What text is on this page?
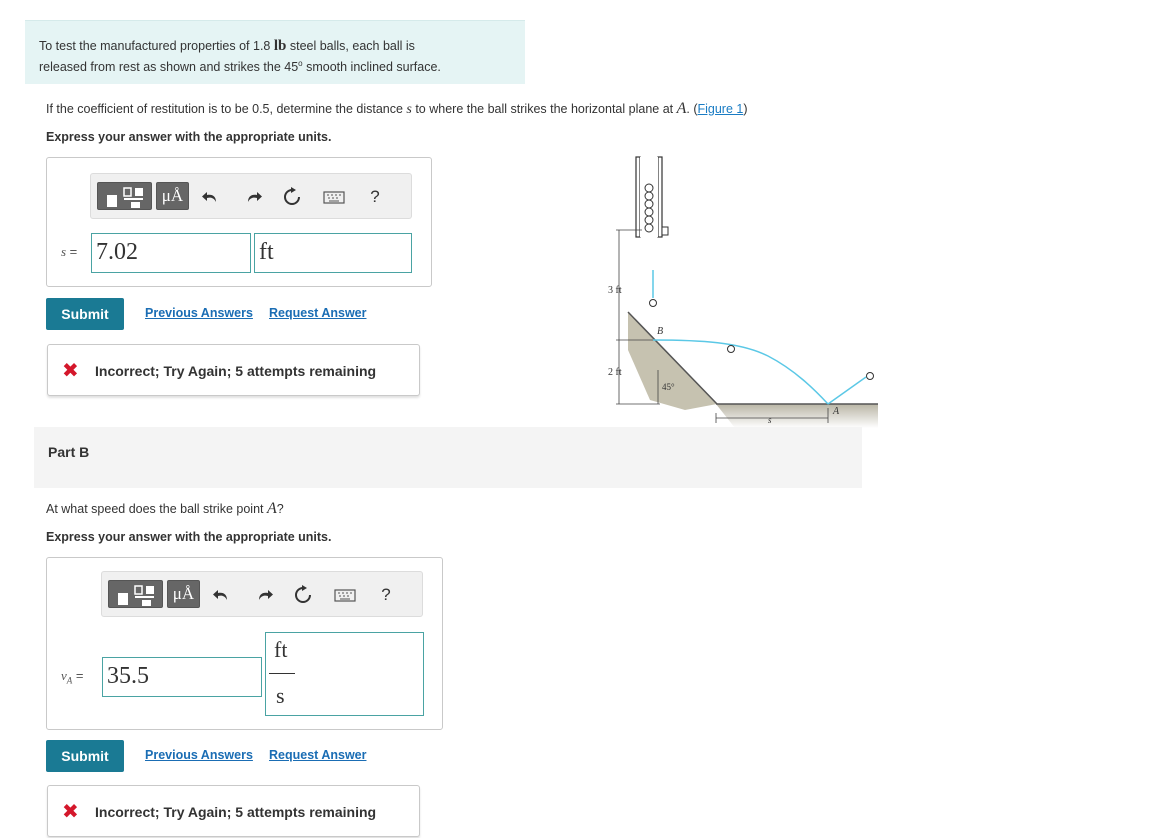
To test the manufactured properties of 1.8 lb steel balls, each ball is
released from rest as shown and strikes the 45$^o$ smooth inclined surface.
If the coefficient of restitution is to be 0.5, determine the distance s to where the ball strikes the horizontal plane at A. (Figure 1)
Express your answer with the appropriate units.
μÅ	?
s = 7.02	ft
Submit	Previous Answers Request Answer
✖ Incorrect; Try Again; 5 attempts remaining
3 ft
2 ft
B
45°
A
s
Part B
At what speed does the ball strike point A?
Express your answer with the appropriate units.
μÅ	?
$v_A = 35.5$
ft
s
Submit	Previous Answers Request Answer
✖ Incorrect; Try Again; 5 attempts remaining
